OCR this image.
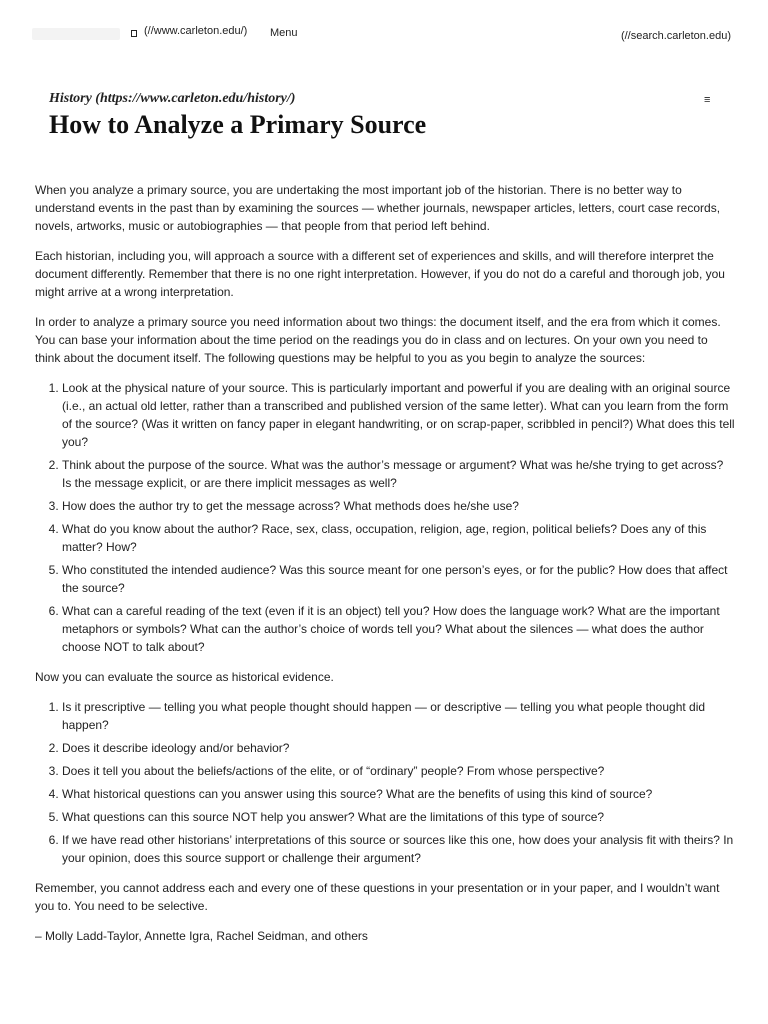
(//www.carleton.edu/) Menu	(//search.carleton.edu)
History (https://www.carleton.edu/history/)	≡
How to Analyze a Primary Source

When you analyze a primary source, you are undertaking the most important job of the historian. There is no better way to understand events in the past than by examining the sources — whether journals, newspaper articles, letters, court case records, novels, artworks, music or autobiographies — that people from that period left behind.

Each historian, including you, will approach a source with a different set of experiences and skills, and will therefore interpret the document differently. Remember that there is no one right interpretation. However, if you do not do a careful and thorough job, you might arrive at a wrong interpretation.

In order to analyze a primary source you need information about two things: the document itself, and the era from which it comes. You can base your information about the time period on the readings you do in class and on lectures. On your own you need to think about the document itself. The following questions may be helpful to you as you begin to analyze the sources:

1. Look at the physical nature of your source. This is particularly important and powerful if you are dealing with an original source (i.e., an actual old letter, rather than a transcribed and published version of the same letter). What can you learn from the form of the source? (Was it written on fancy paper in elegant handwriting, or on scrap-paper, scribbled in pencil?) What does this tell you?
2. Think about the purpose of the source. What was the author’s message or argument? What was he/she trying to get across? Is the message explicit, or are there implicit messages as well?
3. How does the author try to get the message across? What methods does he/she use?
4. What do you know about the author? Race, sex, class, occupation, religion, age, region, political beliefs? Does any of this matter? How?
5. Who constituted the intended audience? Was this source meant for one person’s eyes, or for the public? How does that affect the source?
6. What can a careful reading of the text (even if it is an object) tell you? How does the language work? What are the important metaphors or symbols? What can the author’s choice of words tell you? What about the silences — what does the author choose NOT to talk about?

Now you can evaluate the source as historical evidence.

1. Is it prescriptive — telling you what people thought should happen — or descriptive — telling you what people thought did happen?
2. Does it describe ideology and/or behavior?
3. Does it tell you about the beliefs/actions of the elite, or of “ordinary” people? From whose perspective?
4. What historical questions can you answer using this source? What are the benefits of using this kind of source?
5. What questions can this source NOT help you answer? What are the limitations of this type of source?
6. If we have read other historians’ interpretations of this source or sources like this one, how does your analysis fit with theirs? In your opinion, does this source support or challenge their argument?

Remember, you cannot address each and every one of these questions in your presentation or in your paper, and I wouldn’t want you to. You need to be selective.

– Molly Ladd-Taylor, Annette Igra, Rachel Seidman, and others
